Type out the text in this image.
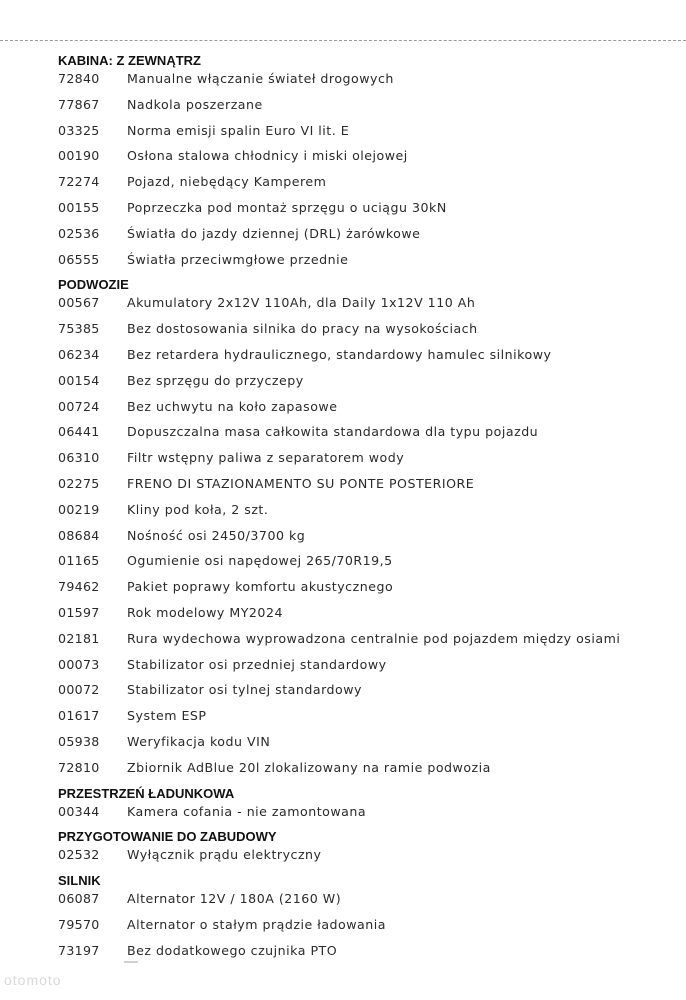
KABINA: Z ZEWNĄTRZ
72840 Manualne włączanie świateł drogowych
77867 Nadkola poszerzane
03325 Norma emisji spalin Euro VI lit. E
00190 Osłona stalowa chłodnicy i miski olejowej
72274 Pojazd, niebędący Kamperem
00155 Poprzeczka pod montaż sprzęgu o uciągu 30kN
02536 Światła do jazdy dziennej (DRL) żarówkowe
06555 Światła przeciwmgłowe przednie
PODWOZIE
00567 Akumulatory 2x12V 110Ah, dla Daily 1x12V 110 Ah
75385 Bez dostosowania silnika do pracy na wysokościach
06234 Bez retardera hydraulicznego, standardowy hamulec silnikowy
00154 Bez sprzęgu do przyczepy
00724 Bez uchwytu na koło zapasowe
06441 Dopuszczalna masa całkowita standardowa dla typu pojazdu
06310 Filtr wstępny paliwa z separatorem wody
02275 FRENO DI STAZIONAMENTO SU PONTE POSTERIORE
00219 Kliny pod koła, 2 szt.
08684 Nośność osi 2450/3700 kg
01165 Ogumienie osi napędowej 265/70R19,5
79462 Pakiet poprawy komfortu akustycznego
01597 Rok modelowy MY2024
02181 Rura wydechowa wyprowadzona centralnie pod pojazdem między osiami
00073 Stabilizator osi przedniej standardowy
00072 Stabilizator osi tylnej standardowy
01617 System ESP
05938 Weryfikacja kodu VIN
72810 Zbiornik AdBlue 20l zlokalizowany na ramie podwozia
PRZESTRZEŃ ŁADUNKOWA
00344 Kamera cofania - nie zamontowana
PRZYGOTOWANIE DO ZABUDOWY
02532 Wyłącznik prądu elektryczny
SILNIK
06087 Alternator 12V / 180A (2160 W)
79570 Alternator o stałym prądzie ładowania
73197 Bez dodatkowego czujnika PTO
otomoto
